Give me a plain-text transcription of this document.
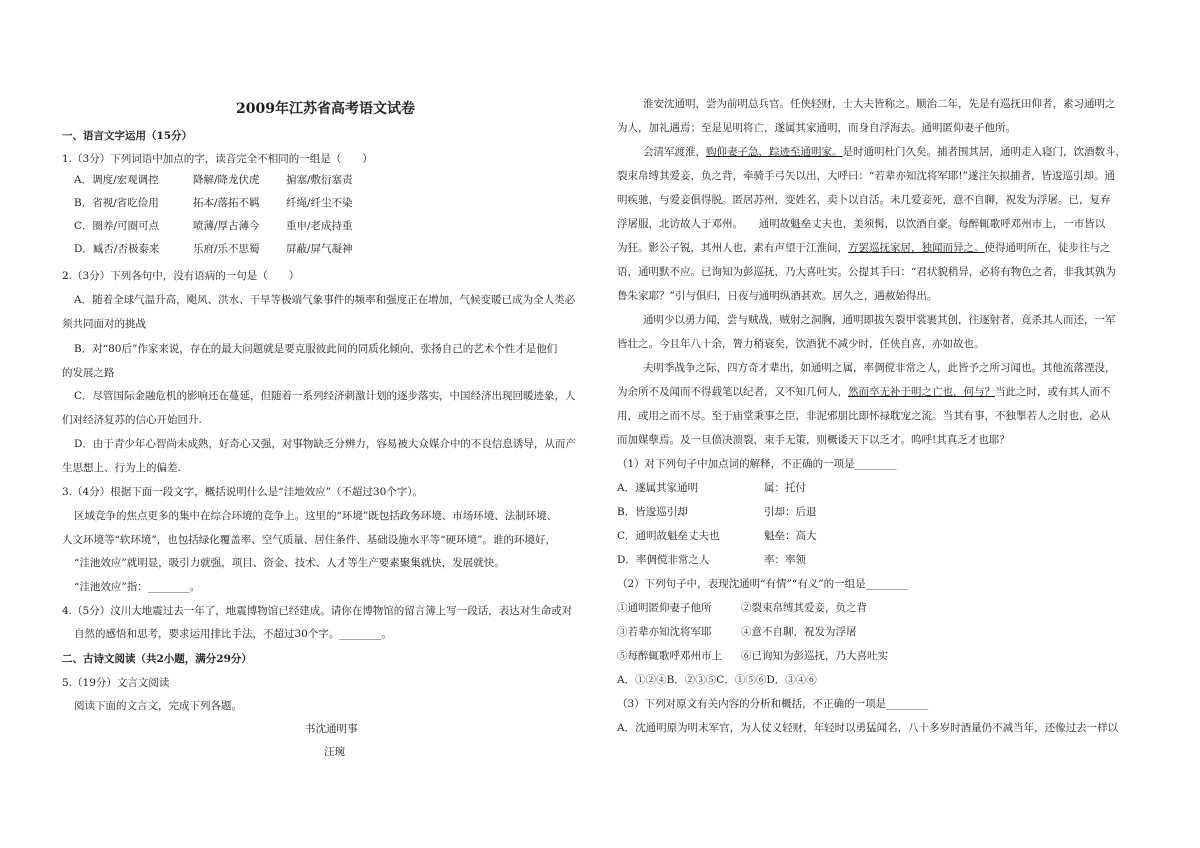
2009年江苏省高考语文试卷
一、语言文字运用（15分）
1.（3分）下列词语中加点的字，读音完全不相同的一组是（　　）
A．调度/宏观调控	降解/降龙伏虎	掮塞/敷衍塞责
B．省视/省吃俭用	拓本/落拓不羁	纤绳/纤尘不染
C．圈养/可圈可点	喷薄/厚古薄今	重申/老成持重
D．臧否/否极泰来	乐府/乐不思蜀	屏蔽/屏气凝神
2.（3分）下列各句中，没有语病的一句是（　　）
A．随着全球气温升高，飓风、洪水、干旱等极端气象事件的频率和强度正在增加，气候变暖已成为全人类必
须共同面对的挑战
B．对“80后”作家来说，存在的最大问题就是要克服彼此间的同质化倾向，张扬自己的艺术个性才是他们
的发展之路
C．尽管国际金融危机的影响还在蔓延，但随着一系列经济刺激计划的逐步落实，中国经济出现回暖迹象，人
们对经济复苏的信心开始回升.
D．由于青少年心智尚未成熟，好奇心又强，对事物缺乏分辨力，容易被大众媒介中的不良信息诱导，从而产
生思想上、行为上的偏差.
3.（4分）根据下面一段文字，概括说明什么是“洼地效应”（不超过30个字）。
区域竞争的焦点更多的集中在综合环境的竞争上。这里的“环境”既包括政务环境、市场环境、法制环境、
人文环境等“软环境”，也包括绿化覆盖率、空气质量、居住条件、基础设施水平等“硬环境”。谁的环境好，
“洼池效应”就明显，吸引力就强，项目、资金、技术、人才等生产要素聚集就快，发展就快。
“洼池效应”指：________。
4.（5分）汶川大地震过去一年了，地震博物馆已经建成。请你在博物馆的留言簿上写一段话，表达对生命或对
自然的感悟和思考，要求运用排比手法，不超过30个字。________。
二、古诗文阅读（共2小题，满分29分）
5.（19分）文言文阅读
阅读下面的文言文，完成下列各题。
书沈通明事
汪琬
淮安沈通明，尝为前明总兵官。任侠轻财，士大夫皆称之。顺治二年，先是有巡抚田仰者，素习通明之
为人，加礼遇焉；至是见明将亡，遂属其家通明，而身自浮海去。通明匿仰妻子他所。
会清军渡淮，购仰妻子急，踪迹至通明家。是时通明杜门久矣。捕者围其居，通明走入寝门，饮酒数斗，
裂束帛缚其爱妾，负之背，牵骑手弓矢以出，大呼曰：“若辈亦知沈将军耶!”遂注矢拟捕者，皆逡巡引却。通
明疾驰，与爱妾俱得脱。匿居苏州，变姓名，卖卜以自活。未几爱妾死，意不自聊，祝发为浮屠。已，复弃
浮屠服，北访故人于邓州。　　通明故魁垒丈夫也，美须髯，以饮酒自豪。每醉辄歌呼邓州市上，一市皆以
为狂。影公子锐，其州人也，素有声望于江淮间，方罢巡抚家居，独闻而异之。使得通明所在，徒步往与之
语，通明默不应。已询知为彭巡抚，乃大喜吐实。公提其手曰：“君状貌稍异，必将有物色之者，非我其孰为
鲁朱家耶？”引与俱归，日夜与通明纵酒甚欢。居久之，遇赦始得出。
通明少以勇力闻，尝与贼战，贼射之洞胸，通明即拔矢裂甲裳裹其创，往逐射者，竟杀其人而还，一军
皆壮之。今且年八十余，膂力稍衰矣，饮酒犹不减少时，任侠自喜，亦如故也。
夫明季战争之际，四方奇才辈出，如通明之属，率倜傥非常之人，此皆予之所习闻也。其他流落湮没，
为余所不及闻而不得载笔以纪者，又不知几何人，然而卒无补于明之亡也，何与？当此之时，或有其人而不
用，或用之而不尽。至于庙堂秉事之臣，非泥邪朋比即怀禄耽宠之流。当其有事，不独掣若人之肘也，必从
而加媒孽焉。及一旦偾决溃裂，束手无策，则概诿天下以乏才。呜呼!其真乏才也耶？
（1）对下列句子中加点词的解释，不正确的一项是________
A．遂属其家通明	属：托付
B．皆逡巡引却	引却：后退
C．通明故魁垒丈夫也	魁垒：高大
D．率倜傥非常之人	率：率领
（2）下列句子中，表现沈通明“有情”“有义”的一组是________
①通明匿仰妻子他所	②裂束帛缚其爱妾，负之背
③若辈亦知沈将军耶	④意不自聊，祝发为浮屠
⑤每醉辄歌呼邓州市上 ⑥已询知为彭巡抚，乃大喜吐实
A．①②④B．②③⑤C．①⑤⑥D．③④⑥
（3）下列对原文有关内容的分析和概括，不正确的一项是________
A．沈通明原为明末军官，为人仗义轻财，年轻时以勇猛闻名，八十多岁时酒量仍不减当年，还像过去一样以
